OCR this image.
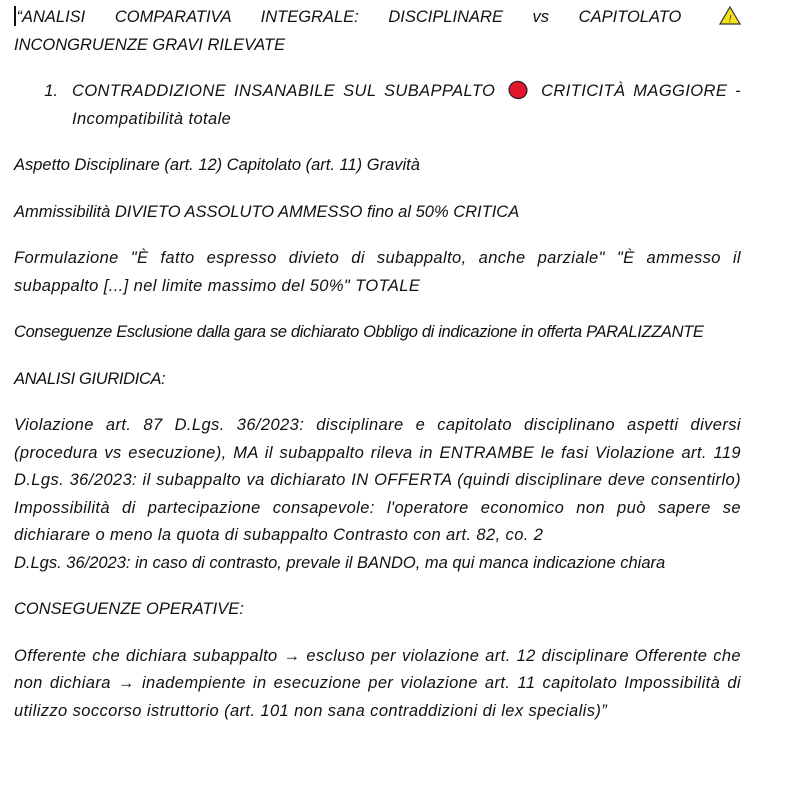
“ANALISI COMPARATIVA INTEGRALE: DISCIPLINARE vs CAPITOLATO	!
INCONGRUENZE GRAVI RILEVATE

1. CONTRADDIZIONE INSANABILE SUL SUBAPPALTO	CRITICITÀ MAGGIORE - Incompatibilità totale

Aspetto Disciplinare (art. 12) Capitolato (art. 11) Gravità

Ammissibilità DIVIETO ASSOLUTO AMMESSO fino al 50% CRITICA

Formulazione "È fatto espresso divieto di subappalto, anche parziale" "È ammesso il subappalto [...] nel limite massimo del 50%" TOTALE

Conseguenze Esclusione dalla gara se dichiarato Obbligo di indicazione in offerta PARALIZZANTE

ANALISI GIURIDICA:

Violazione art. 87 D.Lgs. 36/2023: disciplinare e capitolato disciplinano aspetti diversi (procedura vs esecuzione), MA il subappalto rileva in ENTRAMBE le fasi Violazione art. 119 D.Lgs. 36/2023: il subappalto va dichiarato IN OFFERTA (quindi disciplinare deve consentirlo) Impossibilità di partecipazione consapevole: l'operatore economico non può sapere se dichiarare o meno la quota di subappalto Contrasto con art. 82, co. 2

D.Lgs. 36/2023: in caso di contrasto, prevale il BANDO, ma qui manca indicazione chiara

CONSEGUENZE OPERATIVE:

Offerente che dichiara subappalto → escluso per violazione art. 12 disciplinare Offerente che non dichiara → inadempiente in esecuzione per violazione art. 11 capitolato Impossibilità di utilizzo soccorso istruttorio (art. 101 non sana contraddizioni di lex specialis)”
